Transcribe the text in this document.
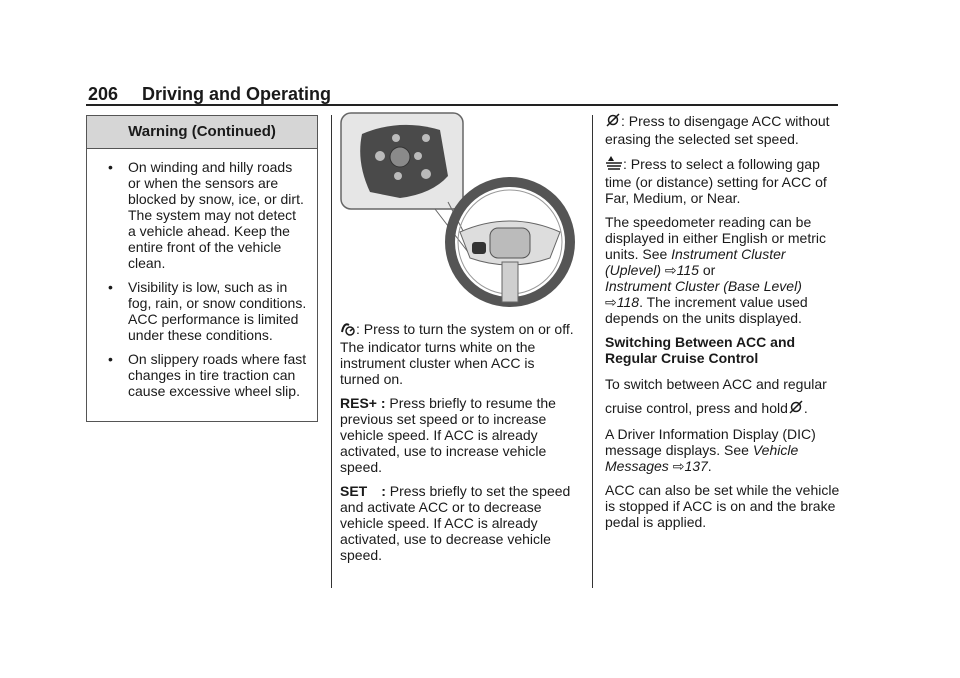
206 Driving and Operating
Warning (Continued)
• On winding and hilly roads or when the sensors are blocked by snow, ice, or dirt. The system may not detect a vehicle ahead. Keep the entire front of the vehicle clean.
• Visibility is low, such as in fog, rain, or snow conditions. ACC performance is limited under these conditions.
• On slippery roads where fast changes in tire traction can cause excessive wheel slip.

: Press to turn the system on or off. The indicator turns white on the instrument cluster when ACC is turned on.

RES+ : Press briefly to resume the previous set speed or to increase vehicle speed. If ACC is already activated, use to increase vehicle speed.

SET : Press briefly to set the speed and activate ACC or to decrease vehicle speed. If ACC is already activated, use to decrease vehicle speed.

: Press to disengage ACC without erasing the selected set speed.

: Press to select a following gap time (or distance) setting for ACC of Far, Medium, or Near.

The speedometer reading can be displayed in either English or metric units. See Instrument Cluster (Uplevel) ⇨115 or
Instrument Cluster (Base Level)
⇨118. The increment value used depends on the units displayed.

Switching Between ACC and Regular Cruise Control

To switch between ACC and regular cruise control, press and hold .

A Driver Information Display (DIC) message displays. See Vehicle Messages ⇨137.

ACC can also be set while the vehicle is stopped if ACC is on and the brake pedal is applied.
